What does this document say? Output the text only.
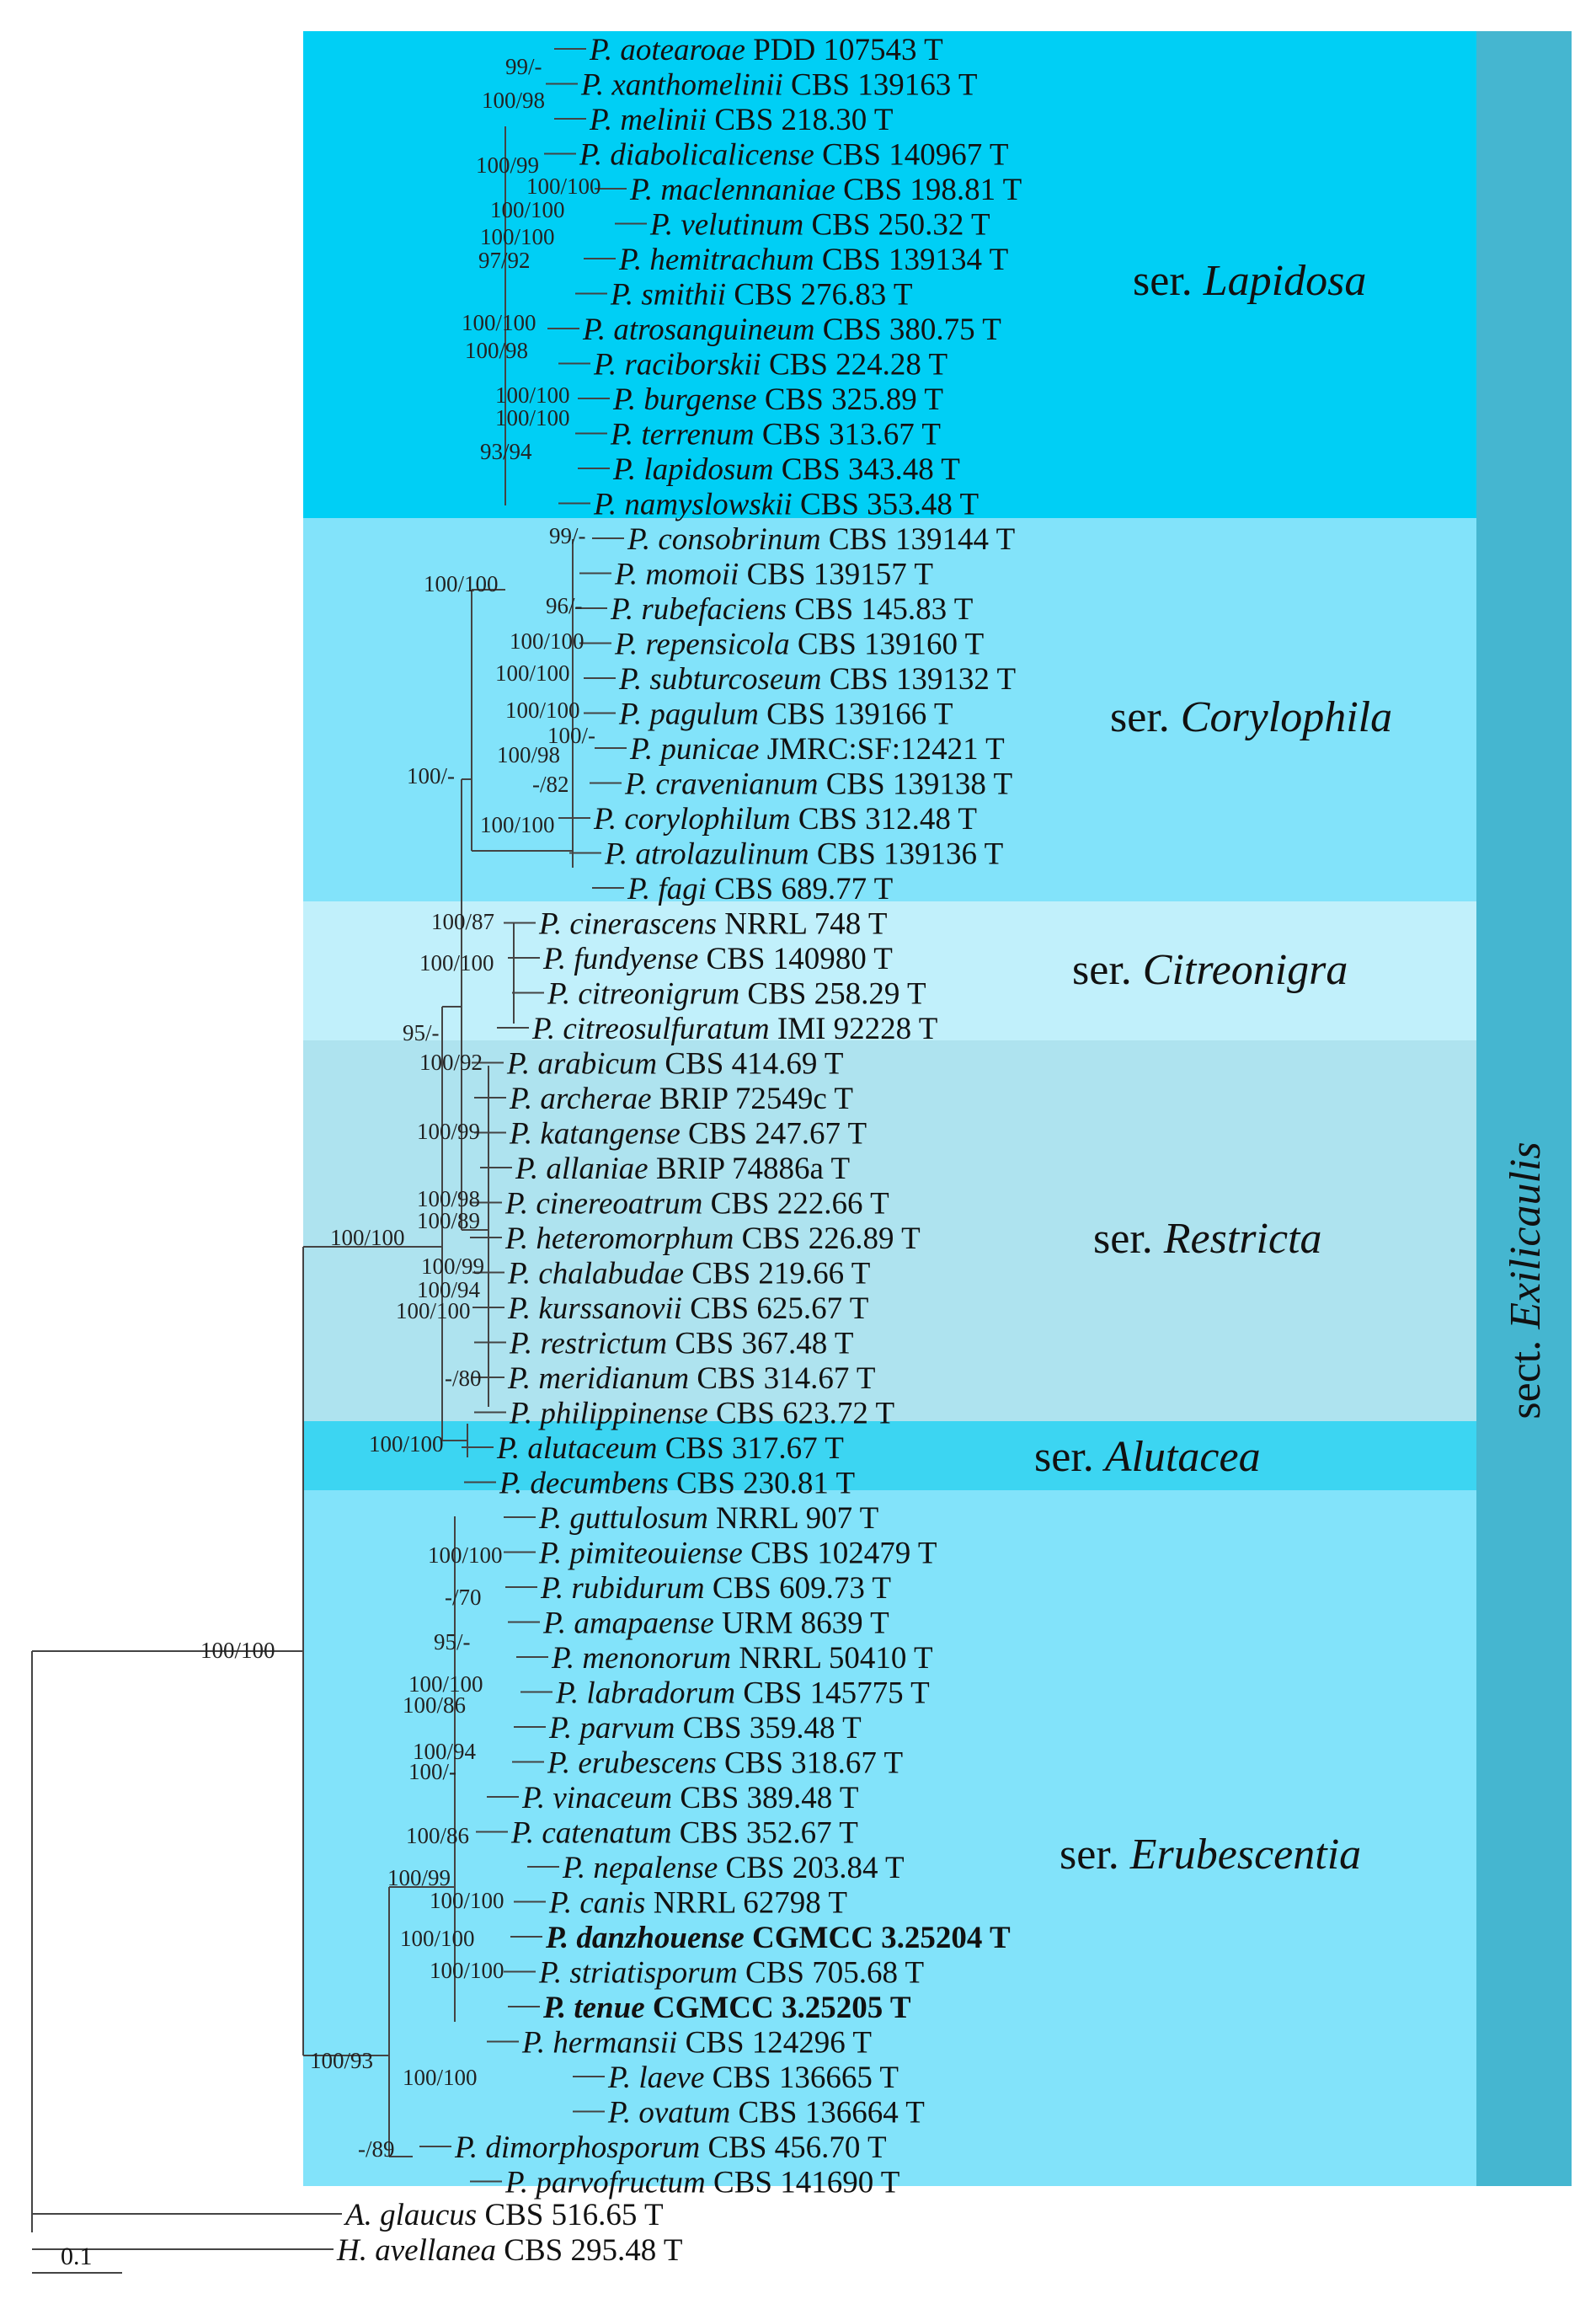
ser. Lapidosa
ser. Corylophila
ser. Citreonigra
ser. Restricta
ser. Alutacea
ser. Erubescentia
sect. Exilicaulis
P. aotearoae PDD 107543 T
P. xanthomelinii CBS 139163 T
P. melinii CBS 218.30 T
P. diabolicalicense CBS 140967 T
P. maclennaniae CBS 198.81 T
P. velutinum CBS 250.32 T
P. hemitrachum CBS 139134 T
P. smithii CBS 276.83 T
P. atrosanguineum CBS 380.75 T
P. raciborskii CBS 224.28 T
P. burgense CBS 325.89 T
P. terrenum CBS 313.67 T
P. lapidosum CBS 343.48 T
P. namyslowskii CBS 353.48 T
P. consobrinum CBS 139144 T
P. momoii CBS 139157 T
P. rubefaciens CBS 145.83 T
P. repensicola CBS 139160 T
P. subturcoseum CBS 139132 T
P. pagulum CBS 139166 T
P. punicae JMRC:SF:12421 T
P. cravenianum CBS 139138 T
P. corylophilum CBS 312.48 T
P. atrolazulinum CBS 139136 T
P. fagi CBS 689.77 T
P. cinerascens NRRL 748 T
P. fundyense CBS 140980 T
P. citreonigrum CBS 258.29 T
P. citreosulfuratum IMI 92228 T
P. arabicum CBS 414.69 T
P. archerae BRIP 72549c T
P. katangense CBS 247.67 T
P. allaniae BRIP 74886a T
P. cinereoatrum CBS 222.66 T
P. heteromorphum CBS 226.89 T
P. chalabudae CBS 219.66 T
P. kurssanovii CBS 625.67 T
P. restrictum CBS 367.48 T
P. meridianum CBS 314.67 T
P. philippinense CBS 623.72 T
P. alutaceum CBS 317.67 T
P. decumbens CBS 230.81 T
P. guttulosum NRRL 907 T
P. pimiteouiense CBS 102479 T
P. rubidurum CBS 609.73 T
P. amapaense URM 8639 T
P. menonorum NRRL 50410 T
P. labradorum CBS 145775 T
P. parvum CBS 359.48 T
P. erubescens CBS 318.67 T
P. vinaceum CBS 389.48 T
P. catenatum CBS 352.67 T
P. nepalense CBS 203.84 T
P. canis NRRL 62798 T
P. danzhouense CGMCC 3.25204 T
P. striatisporum CBS 705.68 T
P. tenue CGMCC 3.25205 T
P. hermansii CBS 124296 T
P. laeve CBS 136665 T
P. ovatum CBS 136664 T
P. dimorphosporum CBS 456.70 T
P. parvofructum CBS 141690 T
A. glaucus CBS 516.65 T
H. avellanea CBS 295.48 T
99/-
100/98
100/99
100/100
100/100
100/100
97/92
100/100
100/98
100/100
100/100
93/94
100/100
99/-
96/-
100/100
100/100
100/100
100/-
100/98
-/82
100/100
100/-
100/87
100/100
95/-
100/92
100/99
100/98
100/89
100/99
100/94
100/100
-/80
100/100
100/100
100/100
-/70
95/-
100/100
100/86
100/94
100/-
100/86
100/99
100/100
100/100
100/100
100/93
100/100
-/89
100/100
0.1
